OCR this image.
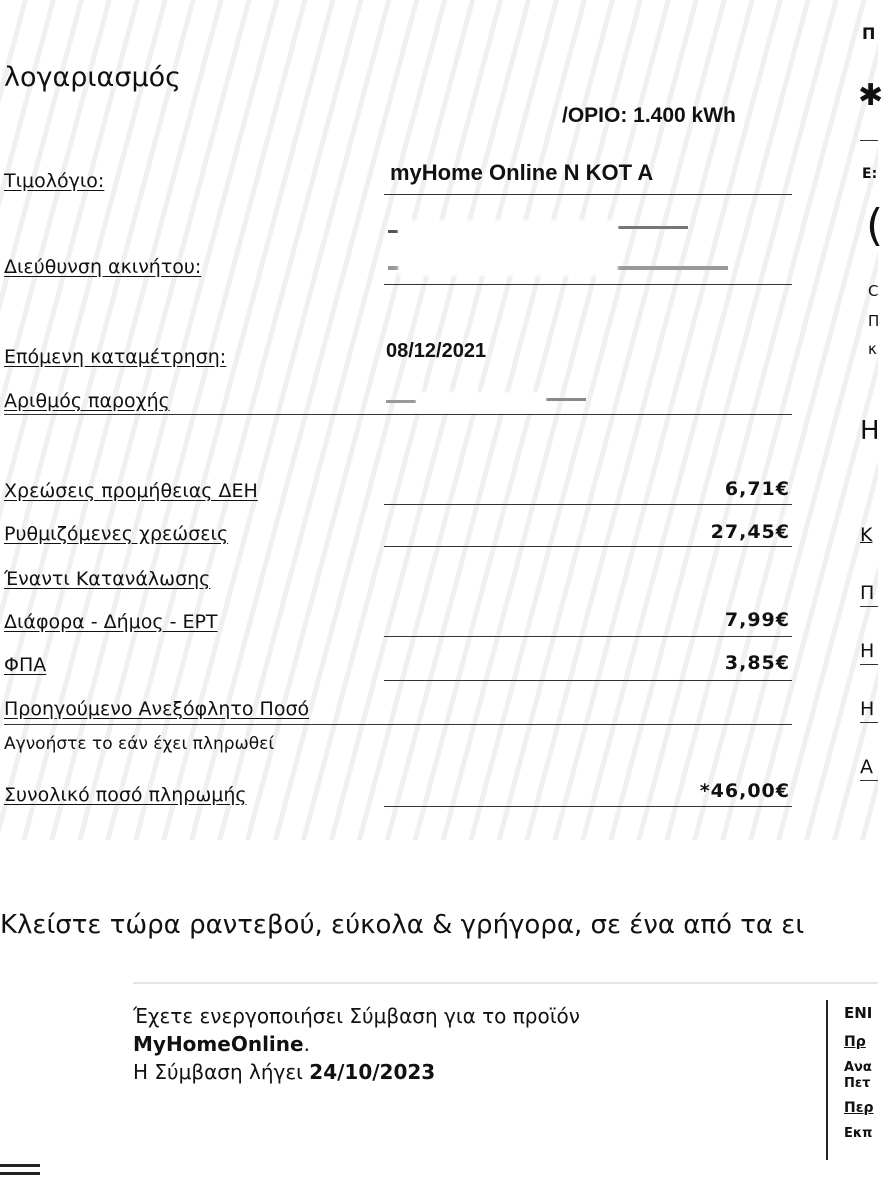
λογαριασμός
/ΟΡΙΟ: 1.400 kWh
Τιμολόγιο:	myHome Online N KOT A
Διεύθυνση ακινήτου:
Επόμενη καταμέτρηση:	08/12/2021
Αριθμός παροχής
Χρεώσεις προμήθειας ΔΕΗ	6,71€
Ρυθμιζόμενες χρεώσεις	27,45€
Έναντι Κατανάλωσης
Διάφορα - Δήμος - ΕΡΤ	7,99€
ΦΠΑ	3,85€
Προηγούμενο Ανεξόφλητο Ποσό
Αγνοήστε το εάν έχει πληρωθεί
Συνολικό ποσό πληρωμής	*46,00€
Π
✱
Ε:
(
C
Π
κ
Η
Κ
Π
Η
Η
Α
Κλείστε τώρα ραντεβού, εύκολα & γρήγορα, σε ένα από τα ει
Έχετε ενεργοποιήσει Σύμβαση για το προϊόν
MyHomeOnline.
Η Σύμβαση λήγει 24/10/2023
ΕΝΙ
Πρ
Ανα
Πετ
Περ
Εκπ
